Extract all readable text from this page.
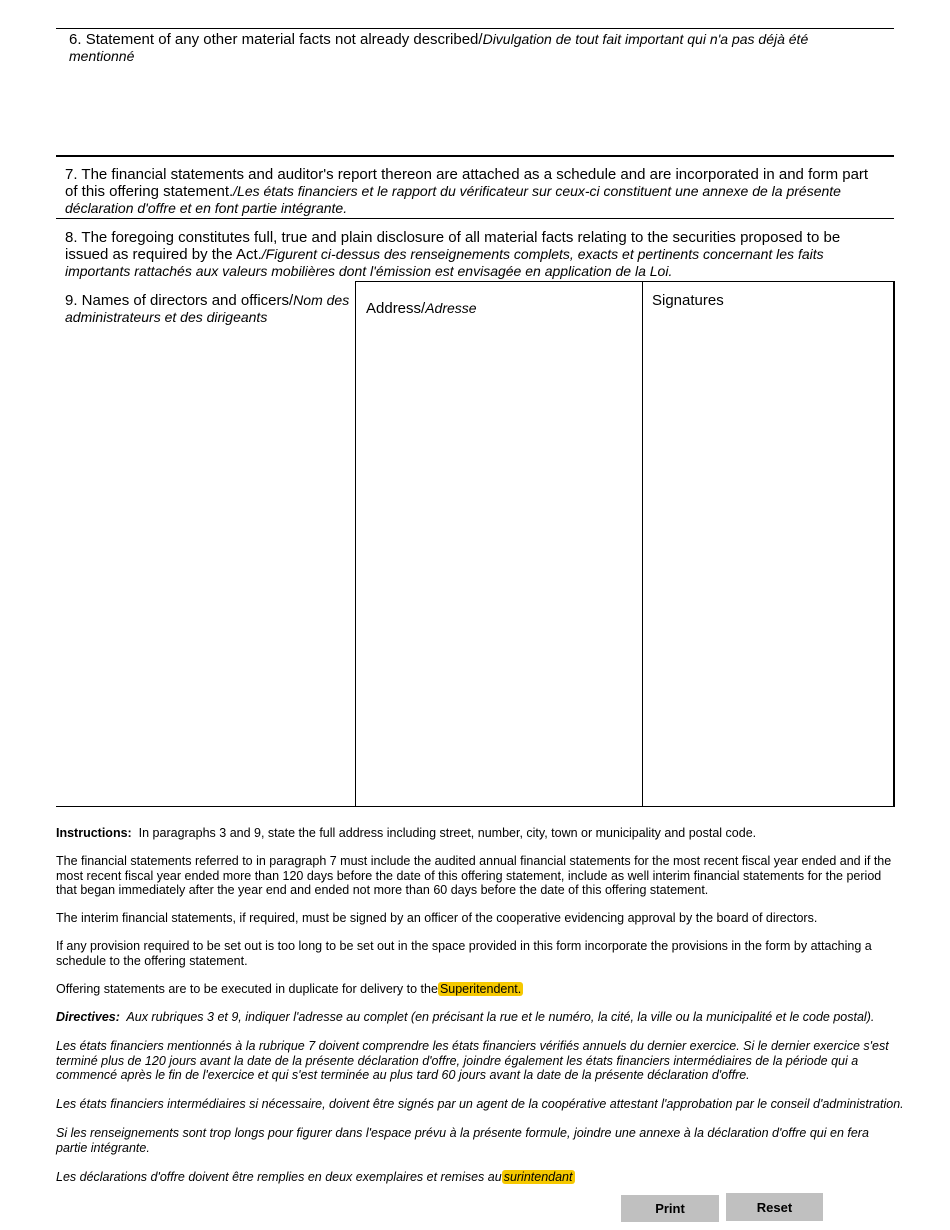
6. Statement of any other material facts not already described/Divulgation de tout fait important qui n'a pas déjà été mentionné
7. The financial statements and auditor's report thereon are attached as a schedule and are incorporated in and form part of this offering statement./Les états financiers et le rapport du vérificateur sur ceux-ci constituent une annexe de la présente déclaration d'offre et en font partie intégrante.
8. The foregoing constitutes full, true and plain disclosure of all material facts relating to the securities proposed to be issued as required by the Act./Figurent ci-dessus des renseignements complets, exacts et pertinents concernant les faits importants rattachés aux valeurs mobilières dont l'émission est envisagée en application de la Loi.
9. Names of directors and officers/Nom des administrateurs et des dirigeants	Address/Adresse	Signatures
Instructions: In paragraphs 3 and 9, state the full address including street, number, city, town or municipality and postal code.
The financial statements referred to in paragraph 7 must include the audited annual financial statements for the most recent fiscal year ended and if the most recent fiscal year ended more than 120 days before the date of this offering statement, include as well interim financial statements for the period that began immediately after the year end and ended not more than 60 days before the date of this offering statement.
The interim financial statements, if required, must be signed by an officer of the cooperative evidencing approval by the board of directors.
If any provision required to be set out is too long to be set out in the space provided in this form incorporate the provisions in the form by attaching a schedule to the offering statement.
Offering statements are to be executed in duplicate for delivery to the Superitendent.
Directives: Aux rubriques 3 et 9, indiquer l'adresse au complet (en précisant la rue et le numéro, la cité, la ville ou la municipalité et le code postal).
Les états financiers mentionnés à la rubrique 7 doivent comprendre les états financiers vérifiés annuels du dernier exercice. Si le dernier exercice s'est terminé plus de 120 jours avant la date de la présente déclaration d'offre, joindre également les états financiers intermédiaires de la période qui a commencé après le fin de l'exercice et qui s'est terminée au plus tard 60 jours avant la date de la présente déclaration d'offre.
Les états financiers intermédiaires si nécessaire, doivent être signés par un agent de la coopérative attestant l'approbation par le conseil d'administration.
Si les renseignements sont trop longs pour figurer dans l'espace prévu à la présente formule, joindre une annexe à la déclaration d'offre qui en fera partie intégrante.
Les déclarations d'offre doivent être remplies en deux exemplaires et remises au surintendant
Print	Reset
